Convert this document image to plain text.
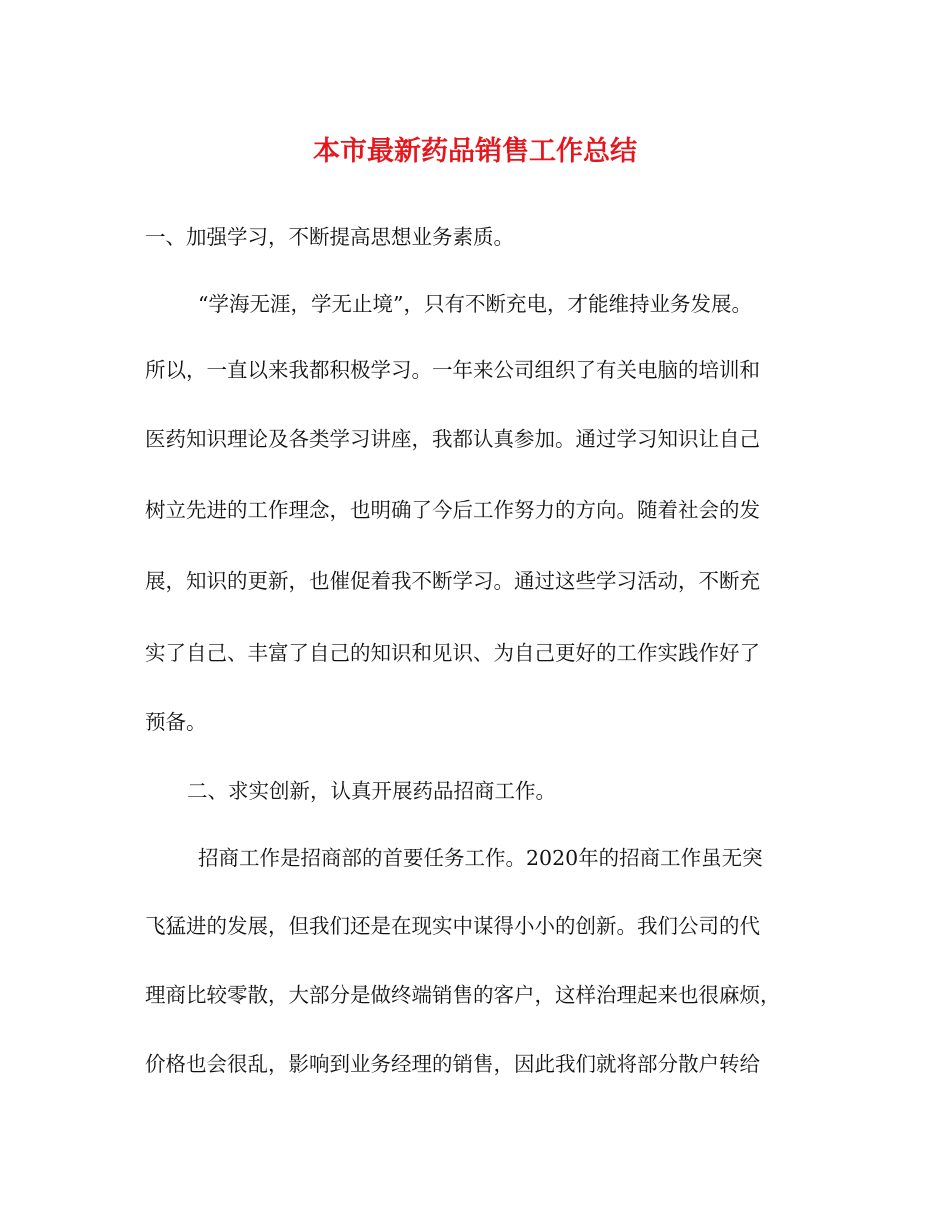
本市最新药品销售工作总结

一、加强学习，不断提高思想业务素质。

“学海无涯，学无止境”，只有不断充电，才能维持业务发展。

所以，一直以来我都积极学习。一年来公司组织了有关电脑的培训和

医药知识理论及各类学习讲座，我都认真参加。通过学习知识让自己

树立先进的工作理念，也明确了今后工作努力的方向。随着社会的发

展，知识的更新，也催促着我不断学习。通过这些学习活动，不断充

实了自己、丰富了自己的知识和见识、为自己更好的工作实践作好了

预备。

二、求实创新，认真开展药品招商工作。

招商工作是招商部的首要任务工作。2020年的招商工作虽无突

飞猛进的发展，但我们还是在现实中谋得小小的创新。我们公司的代

理商比较零散，大部分是做终端销售的客户，这样治理起来也很麻烦，

价格也会很乱，影响到业务经理的销售，因此我们就将部分散户转给
